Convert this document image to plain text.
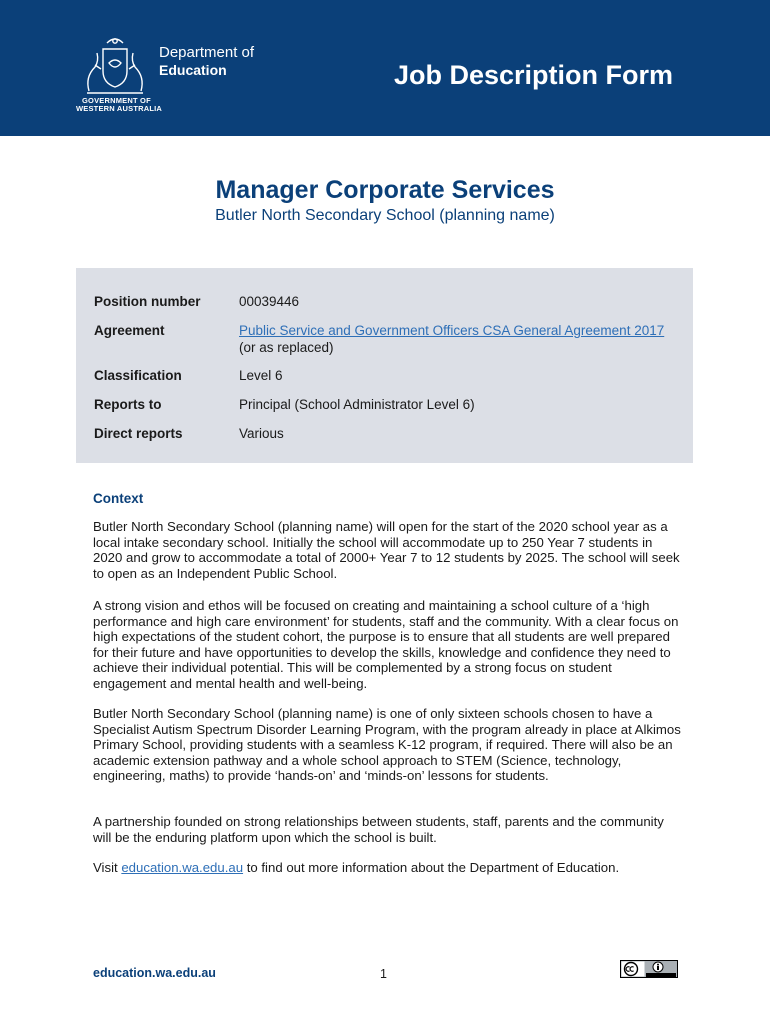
Department of
Education
GOVERNMENT OF
WESTERN AUSTRALIA
Job Description Form
Manager Corporate Services
Butler North Secondary School (planning name)
Position number	00039446
Agreement	Public Service and Government Officers CSA General Agreement 2017 (or as replaced)
Classification	Level 6
Reports to	Principal (School Administrator Level 6)
Direct reports	Various
Context

Butler North Secondary School (planning name) will open for the start of the 2020 school year as a local intake secondary school. Initially the school will accommodate up to 250 Year 7 students in 2020 and grow to accommodate a total of 2000+ Year 7 to 12 students by 2025. The school will seek to open as an Independent Public School.

A strong vision and ethos will be focused on creating and maintaining a school culture of a ‘high performance and high care environment’ for students, staff and the community. With a clear focus on high expectations of the student cohort, the purpose is to ensure that all students are well prepared for their future and have opportunities to develop the skills, knowledge and confidence they need to achieve their individual potential. This will be complemented by a strong focus on student engagement and mental health and well-being.

Butler North Secondary School (planning name) is one of only sixteen schools chosen to have a Specialist Autism Spectrum Disorder Learning Program, with the program already in place at Alkimos Primary School, providing students with a seamless K-12 program, if required. There will also be an academic extension pathway and a whole school approach to STEM (Science, technology, engineering, maths) to provide ‘hands-on’ and ‘minds-on’ lessons for students.

A partnership founded on strong relationships between students, staff, parents and the community will be the enduring platform upon which the school is built.

Visit education.wa.edu.au to find out more information about the Department of Education.

education.wa.edu.au	1
